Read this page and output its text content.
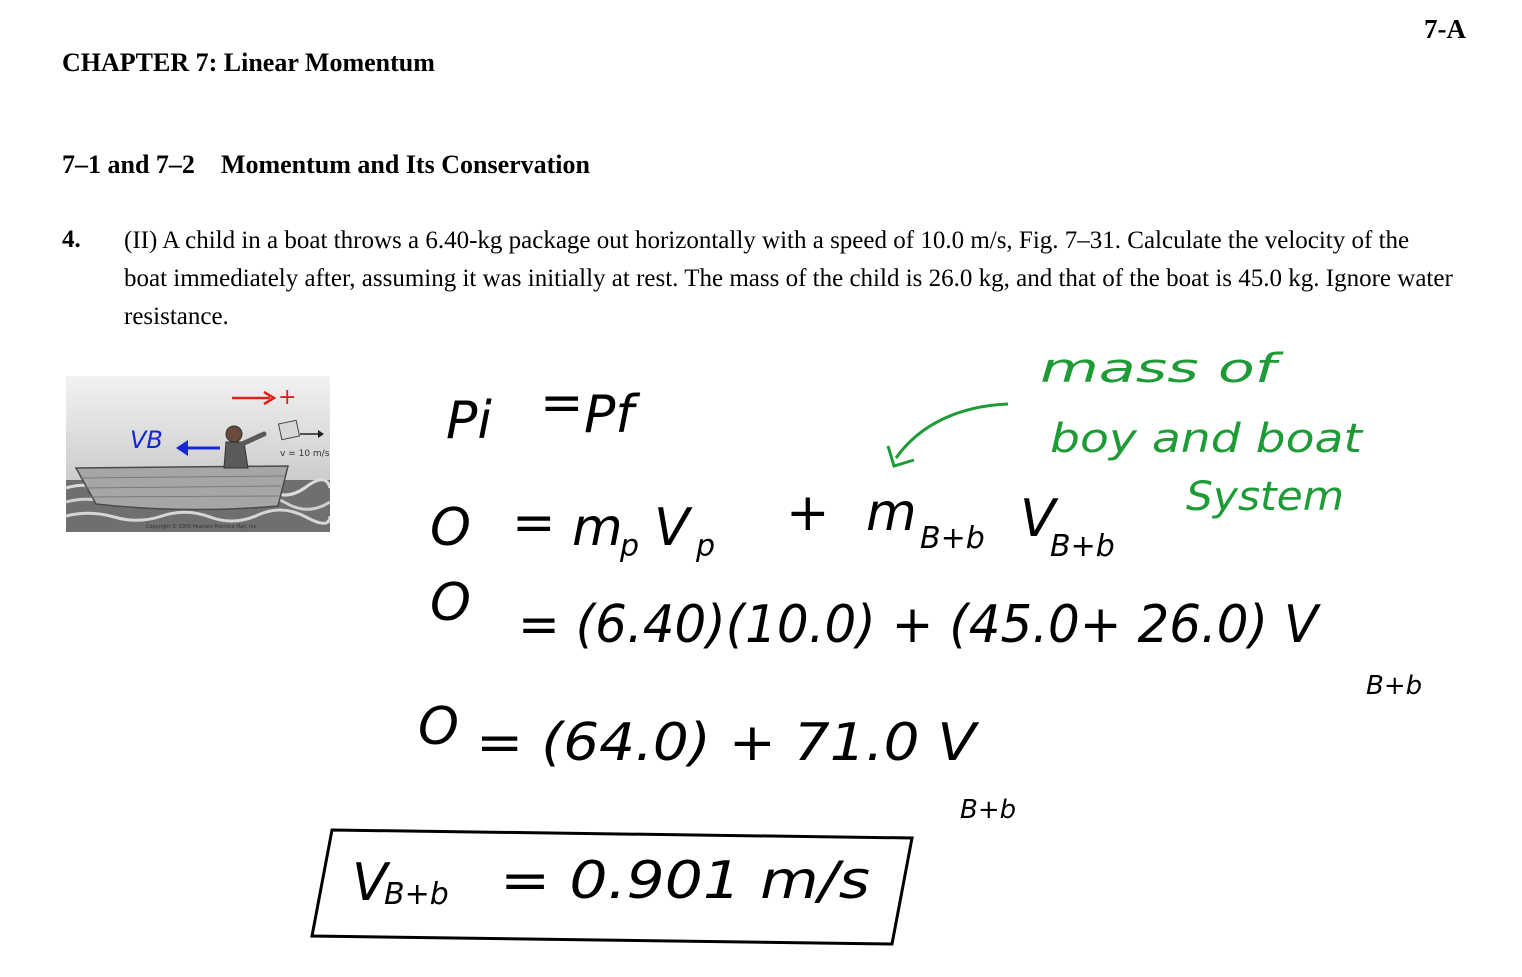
7-A
CHAPTER 7: Linear Momentum
7–1 and 7–2 Momentum and Its Conservation
4. (II) A child in a boat throws a 6.40-kg package out horizontally with a speed of 10.0 m/s, Fig. 7–31. Calculate the velocity of the boat immediately after, assuming it was initially at rest. The mass of the child is 26.0 kg, and that of the boat is 45.0 kg. Ignore water resistance.
v = 10 m/s
+
VB
Copyright © 2005 Pearson Prentice Hall, Inc.
Pi = Pf
O = m
p V p
+ m B+b V
B+b
O = (6.40)(10.0) + (45.0+ 26.0) V
B+b
O = (64.0) + 71.0 V
B+b
V
B+b = 0.901 m/s
mass of
boy and boat
System
